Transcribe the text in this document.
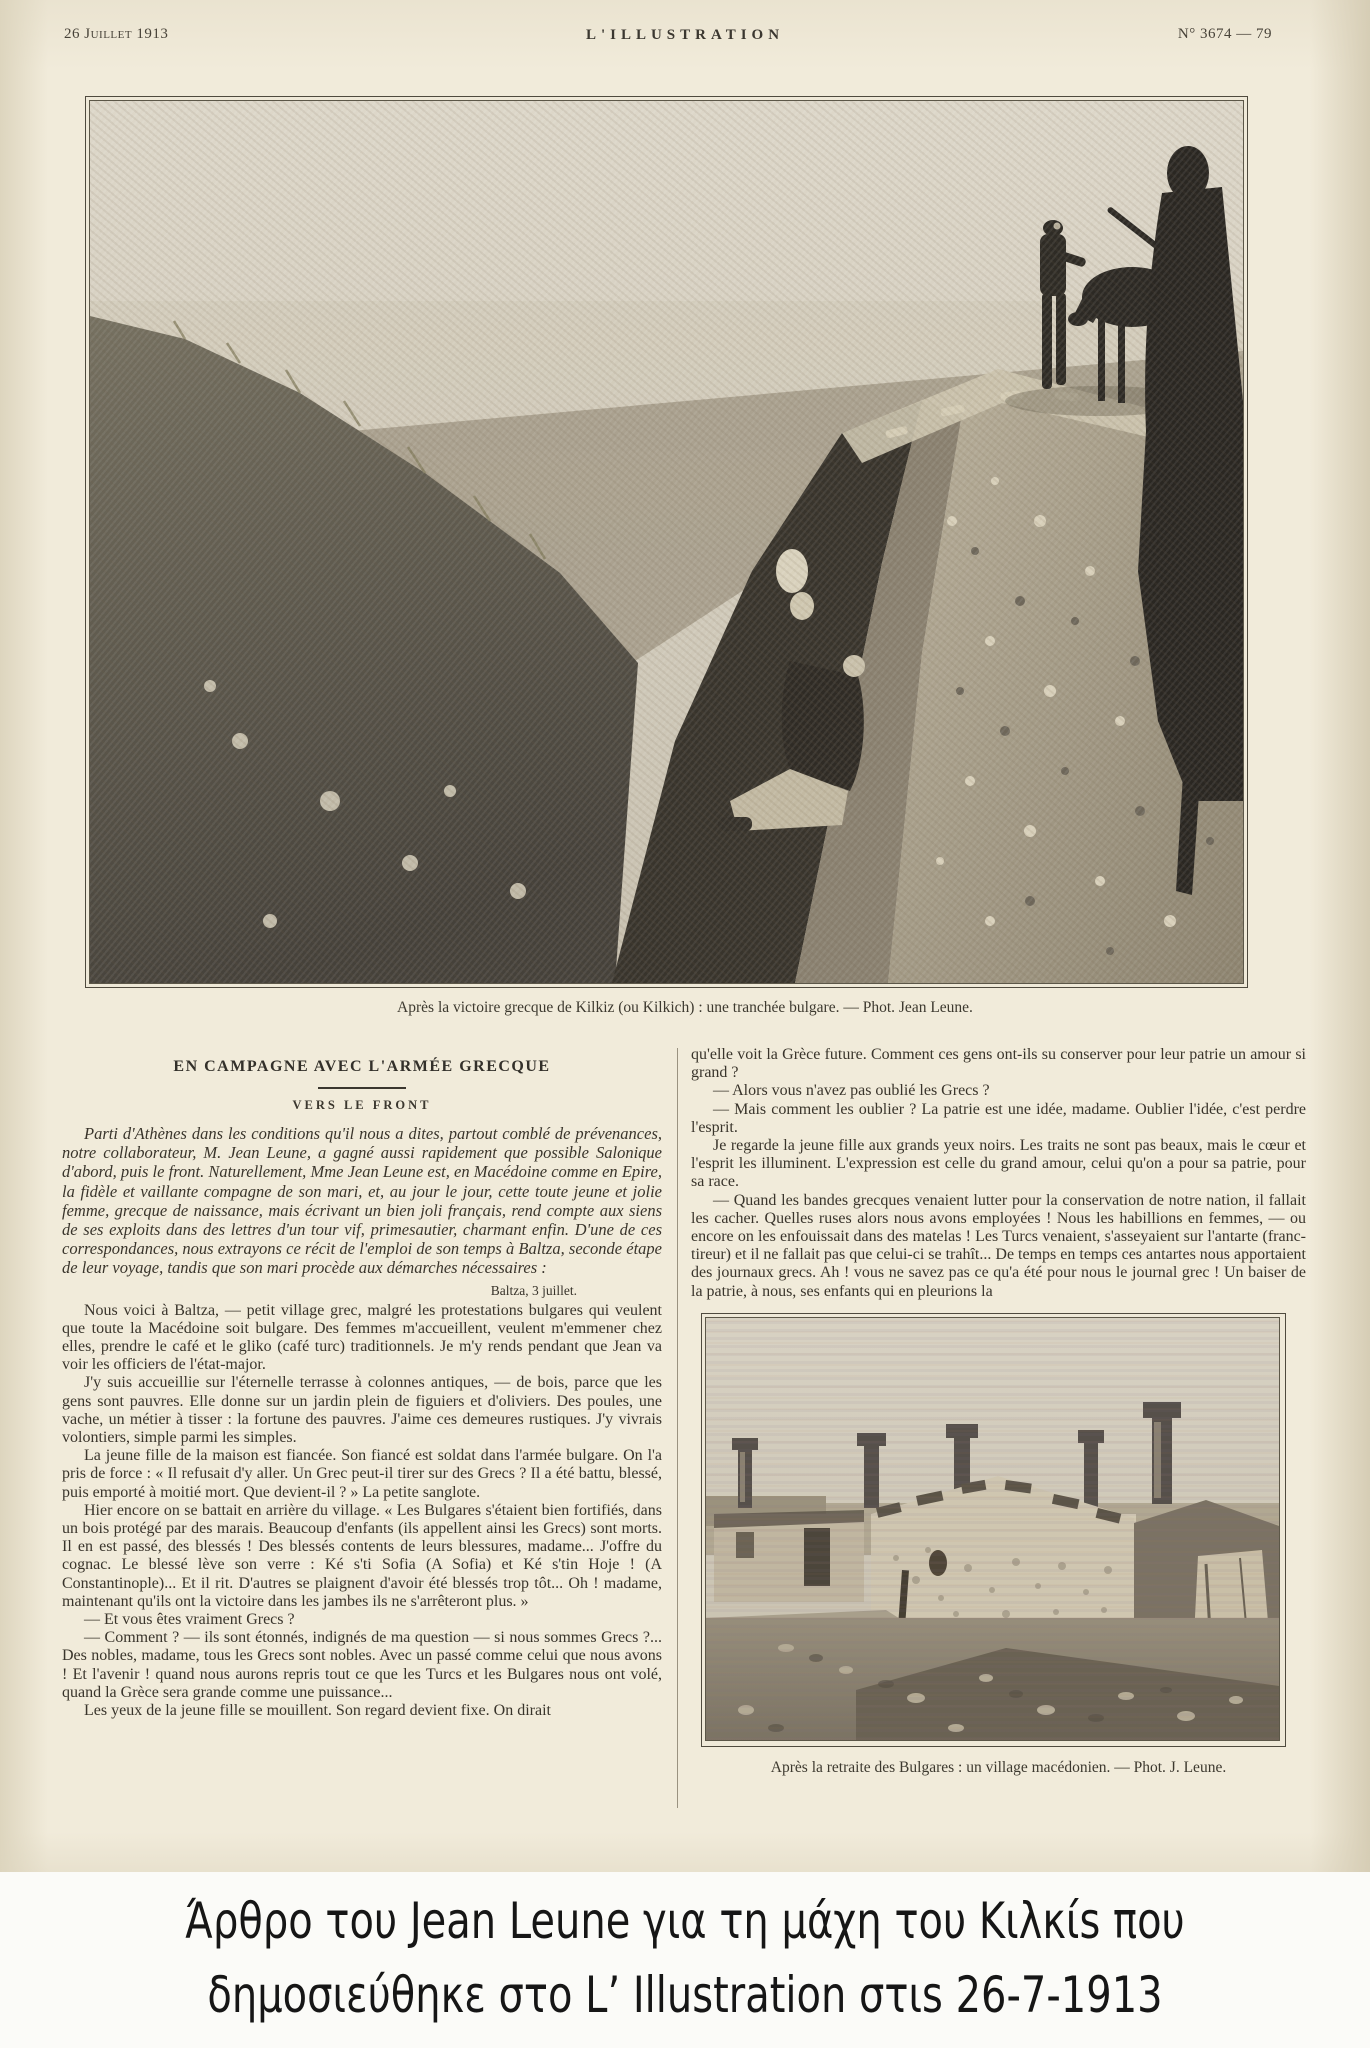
26 Juillet 1913	L'ILLUSTRATION	N° 3674 — 79
Après la victoire grecque de Kilkiz (ou Kilkich) : une tranchée bulgare. — Phot. Jean Leune.
EN CAMPAGNE AVEC L'ARMÉE GRECQUE
VERS LE FRONT

Parti d'Athènes dans les conditions qu'il nous a dites, partout comblé de prévenances, notre collaborateur, M. Jean Leune, a gagné aussi rapidement que possible Salonique d'abord, puis le front. Naturellement, Mme Jean Leune est, en Macédoine comme en Epire, la fidèle et vaillante compagne de son mari, et, au jour le jour, cette toute jeune et jolie femme, grecque de naissance, mais écrivant un bien joli français, rend compte aux siens de ses exploits dans des lettres d'un tour vif, primesautier, charmant enfin. D'une de ces correspondances, nous extrayons ce récit de l'emploi de son temps à Baltza, seconde étape de leur voyage, tandis que son mari procède aux démarches nécessaires :

Baltza, 3 juillet.

Nous voici à Baltza, — petit village grec, malgré les protestations bulgares qui veulent que toute la Macédoine soit bulgare. Des femmes m'accueillent, veulent m'emmener chez elles, prendre le café et le gliko (café turc) traditionnels. Je m'y rends pendant que Jean va voir les officiers de l'état-major.

J'y suis accueillie sur l'éternelle terrasse à colonnes antiques, — de bois, parce que les gens sont pauvres. Elle donne sur un jardin plein de figuiers et d'oliviers. Des poules, une vache, un métier à tisser : la fortune des pauvres. J'aime ces demeures rustiques. J'y vivrais volontiers, simple parmi les simples.

La jeune fille de la maison est fiancée. Son fiancé est soldat dans l'armée bulgare. On l'a pris de force : « Il refusait d'y aller. Un Grec peut-il tirer sur des Grecs ? Il a été battu, blessé, puis emporté à moitié mort. Que devient-il ? » La petite sanglote.

Hier encore on se battait en arrière du village. « Les Bulgares s'étaient bien fortifiés, dans un bois protégé par des marais. Beaucoup d'enfants (ils appellent ainsi les Grecs) sont morts. Il en est passé, des blessés ! Des blessés contents de leurs blessures, madame... J'offre du cognac. Le blessé lève son verre : Ké s'ti Sofia (A Sofia) et Ké s'tin Hoje ! (A Constantinople)... Et il rit. D'autres se plaignent d'avoir été blessés trop tôt... Oh ! madame, maintenant qu'ils ont la victoire dans les jambes ils ne s'arrêteront plus. »

— Et vous êtes vraiment Grecs ?

— Comment ? — ils sont étonnés, indignés de ma question — si nous sommes Grecs ?... Des nobles, madame, tous les Grecs sont nobles. Avec un passé comme celui que nous avons ! Et l'avenir ! quand nous aurons repris tout ce que les Turcs et les Bulgares nous ont volé, quand la Grèce sera grande comme une puissance...

Les yeux de la jeune fille se mouillent. Son regard devient fixe. On dirait

qu'elle voit la Grèce future. Comment ces gens ont-ils su conserver pour leur patrie un amour si grand ?

— Alors vous n'avez pas oublié les Grecs ?

— Mais comment les oublier ? La patrie est une idée, madame. Oublier l'idée, c'est perdre l'esprit.

Je regarde la jeune fille aux grands yeux noirs. Les traits ne sont pas beaux, mais le cœur et l'esprit les illuminent. L'expression est celle du grand amour, celui qu'on a pour sa patrie, pour sa race.

— Quand les bandes grecques venaient lutter pour la conservation de notre nation, il fallait les cacher. Quelles ruses alors nous avons employées ! Nous les habillions en femmes, — ou encore on les enfouissait dans des matelas ! Les Turcs venaient, s'asseyaient sur l'antarte (franc-tireur) et il ne fallait pas que celui-ci se trahît... De temps en temps ces antartes nous apportaient des journaux grecs. Ah ! vous ne savez pas ce qu'a été pour nous le journal grec ! Un baiser de la patrie, à nous, ses enfants qui en pleurions la

Après la retraite des Bulgares : un village macédonien. — Phot. J. Leune.
Άρθρο του Jean Leune για τη μάχη του Κιλκίs που
δημοσιεύθηκε στο L’ Illustration στιs 26-7-1913
